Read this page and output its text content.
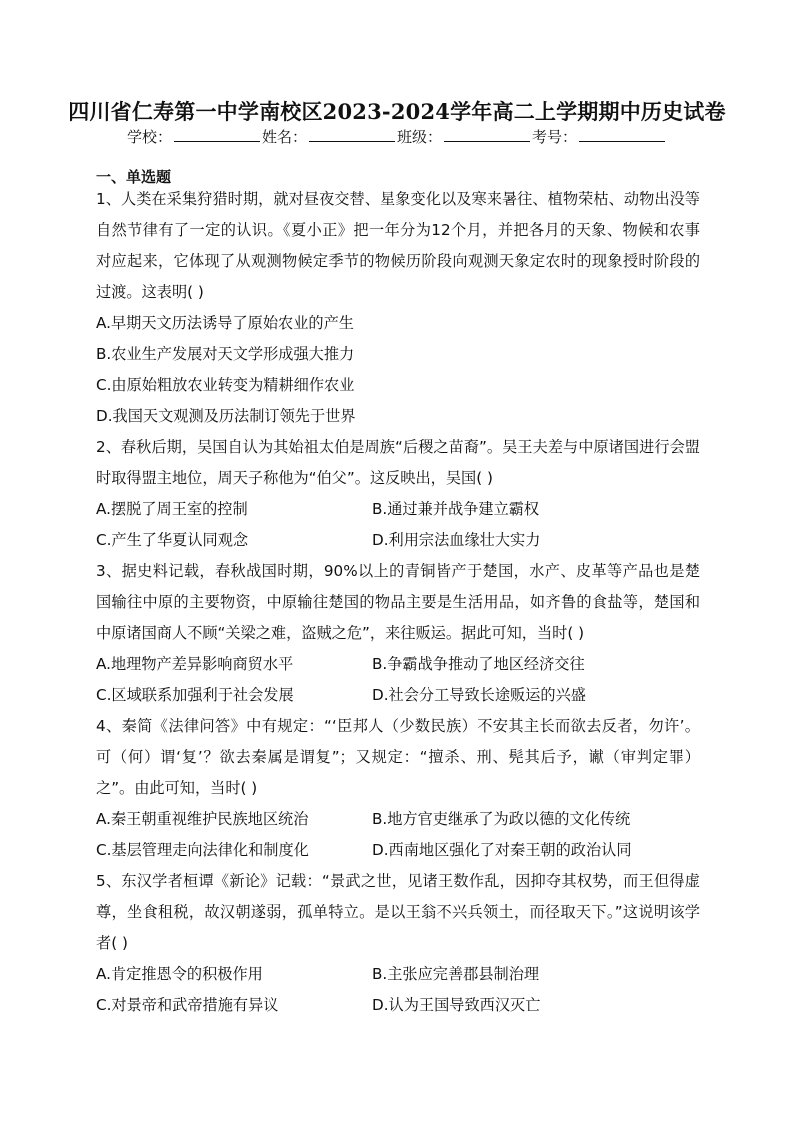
四川省仁寿第一中学南校区2023-2024学年高二上学期期中历史试卷
学校：	姓名：	班级：	考号：
一、单选题

1、人类在采集狩猎时期，就对昼夜交替、星象变化以及寒来暑往、植物荣枯、动物出没等自然节律有了一定的认识。《夏小正》把一年分为12个月，并把各月的天象、物候和农事对应起来，它体现了从观测物候定季节的物候历阶段向观测天象定农时的现象授时阶段的过渡。这表明( )

A.早期天文历法诱导了原始农业的产生

B.农业生产发展对天文学形成强大推力

C.由原始粗放农业转变为精耕细作农业

D.我国天文观测及历法制订领先于世界

2、春秋后期，吴国自认为其始祖太伯是周族“后稷之苗裔”。吴王夫差与中原诸国进行会盟时取得盟主地位，周天子称他为“伯父”。这反映出，吴国( )

A.摆脱了周王室的控制	B.通过兼并战争建立霸权
C.产生了华夏认同观念	D.利用宗法血缘壮大实力

3、据史料记载，春秋战国时期，90%以上的青铜皆产于楚国，水产、皮革等产品也是楚国输往中原的主要物资，中原输往楚国的物品主要是生活用品，如齐鲁的食盐等，楚国和中原诸国商人不顾“关梁之难，盗贼之危”，来往贩运。据此可知，当时( )

A.地理物产差异影响商贸水平	B.争霸战争推动了地区经济交往
C.区域联系加强利于社会发展	D.社会分工导致长途贩运的兴盛

4、秦简《法律问答》中有规定：“‘臣邦人（少数民族）不安其主长而欲去反者，勿许’。可（何）谓‘复’？欲去秦属是谓复”；又规定：“擅杀、刑、髡其后予，谳（审判定罪）之”。由此可知，当时( )

A.秦王朝重视维护民族地区统治	B.地方官吏继承了为政以德的文化传统
C.基层管理走向法律化和制度化	D.西南地区强化了对秦王朝的政治认同

5、东汉学者桓谭《新论》记载：“景武之世，见诸王数作乱，因抑夺其权势，而王但得虚尊，坐食租税，故汉朝遂弱，孤单特立。是以王翁不兴兵领土，而径取天下。”这说明该学者( )

A.肯定推恩令的积极作用	B.主张应完善郡县制治理
C.对景帝和武帝措施有异议	D.认为王国导致西汉灭亡
